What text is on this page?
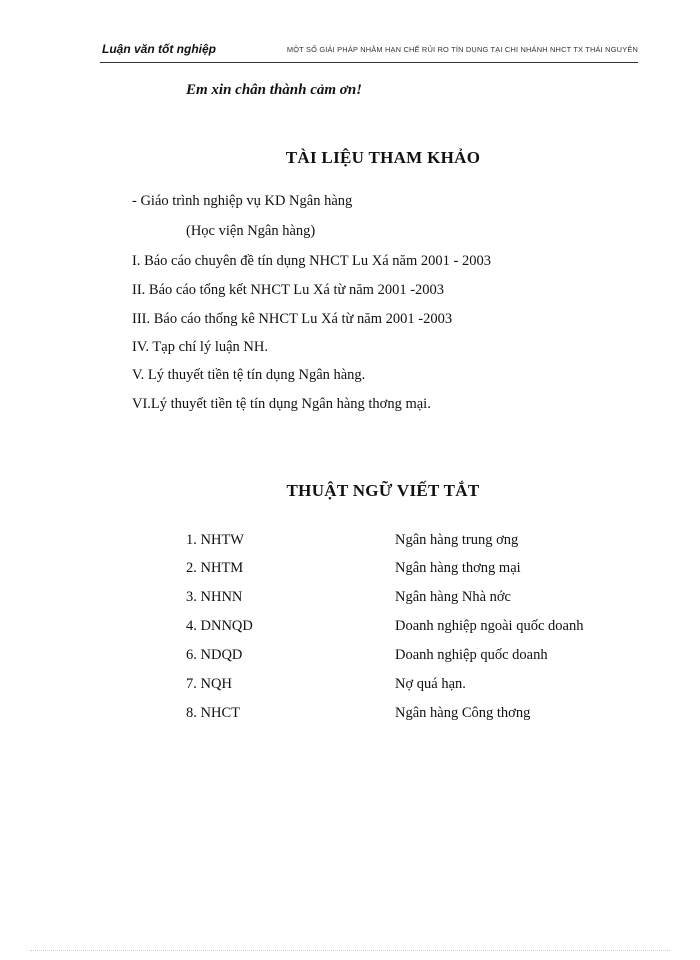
Luận văn tốt nghiệp	MỘT SỐ GIẢI PHÁP NHẰM HẠN CHẾ RỦI RO TÍN DỤNG TẠI CHI NHÁNH NHCT TX THÁI NGUYÊN
Em xin chân thành cảm ơn!
TÀI LIỆU THAM KHẢO
- Giáo trình nghiệp vụ KD Ngân hàng
(Học viện Ngân hàng)
I. Báo cáo chuyên đề tín dụng NHCT Lu Xá năm 2001 - 2003
II. Báo cáo tổng kết NHCT Lu Xá từ năm 2001 -2003
III. Báo cáo thống kê NHCT Lu Xá từ năm 2001 -2003
IV. Tạp chí lý luận NH.
V. Lý thuyết tiền tệ tín dụng Ngân hàng.
VI.Lý thuyết tiền tệ tín dụng Ngân hàng thơng mại.
THUẬT NGỮ VIẾT TẮT
1. NHTW	Ngân hàng trung ơng
2. NHTM	Ngân hàng thơng mại
3. NHNN	Ngân hàng Nhà nớc
4. DNNQD	Doanh nghiệp ngoài quốc doanh
6. NDQD	Doanh nghiệp quốc doanh
7. NQH	Nợ quá hạn.
8. NHCT	Ngân hàng Công thơng
